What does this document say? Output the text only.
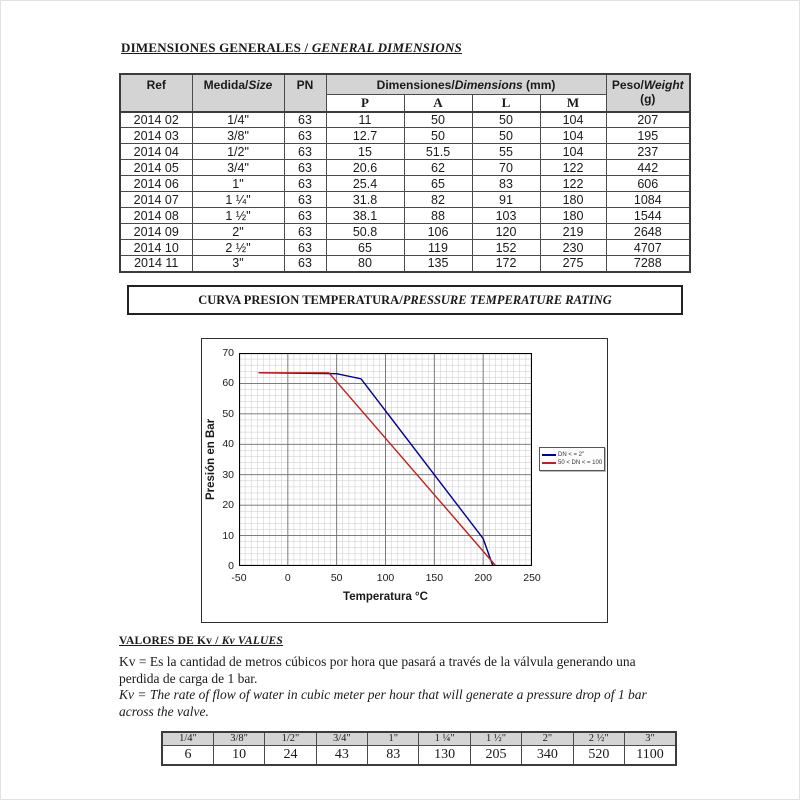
DIMENSIONES GENERALES / GENERAL DIMENSIONS
Ref	Medida/Size	PN	Dimensiones/Dimensions (mm)				Peso/Weight (g)
			P	A	L	M	
2014 02	1/4"	63	11	50	50	104	207
2014 03	3/8"	63	12.7	50	50	104	195
2014 04	1/2"	63	15	51.5	55	104	237
2014 05	3/4"	63	20.6	62	70	122	442
2014 06	1"	63	25.4	65	83	122	606
2014 07	1 ¼"	63	31.8	82	91	180	1084
2014 08	1 ½"	63	38.1	88	103	180	1544
2014 09	2"	63	50.8	106	120	219	2648
2014 10	2 ½"	63	65	119	152	230	4707
2014 11	3"	63	80	135	172	275	7288
CURVA PRESION TEMPERATURA / PRESSURE TEMPERATURE RATING
Presión en Bar
Temperatura °C
DN < = 2"
50 < DN < = 100
-50	0	50	100	150	200	250
0
10
20
30
40
50
60
70
VALORES DE Kv / Kv VALUES
Kv = Es la cantidad de metros cúbicos por hora que pasará a través de la válvula generando una
perdida de carga de 1 bar.
Kv = The rate of flow of water in cubic meter per hour that will generate a pressure drop of 1 bar
across the valve.
1/4"	3/8"	1/2"	3/4"	1"	1 ¼"	1 ½"	2"	2 ½"	3"
6	10	24	43	83	130	205	340	520	1100
